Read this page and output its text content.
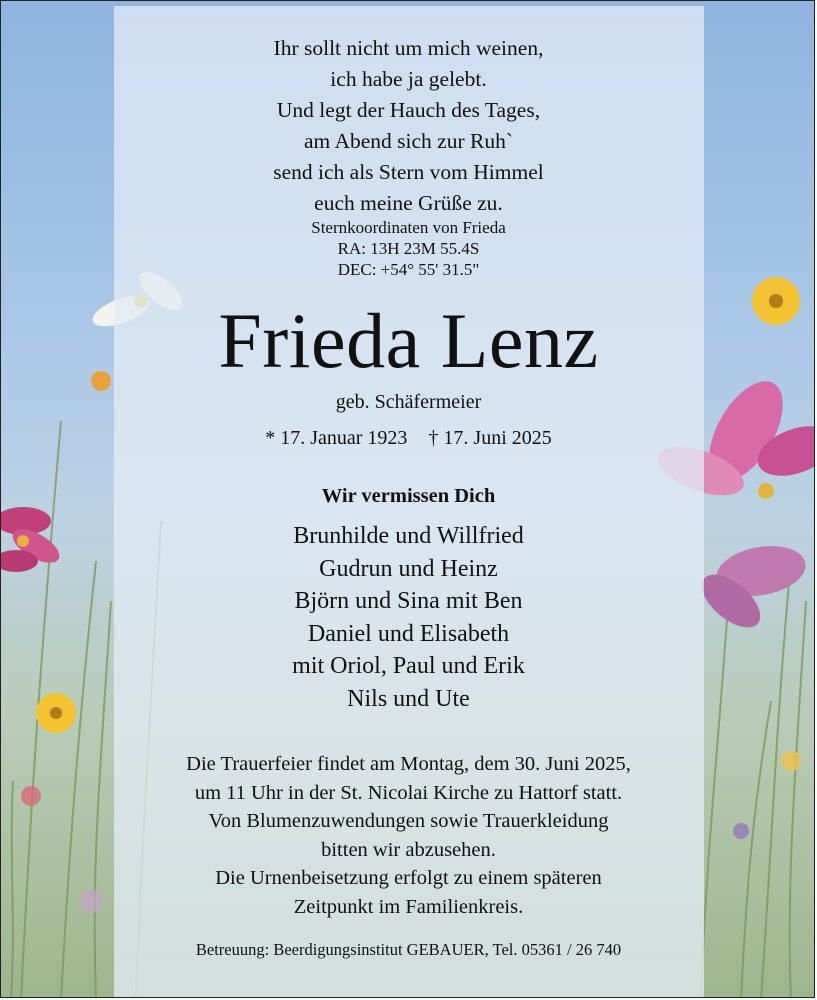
Ihr sollt nicht um mich weinen,
ich habe ja gelebt.
Und legt der Hauch des Tages,
am Abend sich zur Ruh`
send ich als Stern vom Himmel
euch meine Grüße zu.
Sternkoordinaten von Frieda
RA: 13H 23M 55.4S
DEC: +54° 55' 31.5"
Frieda Lenz
geb. Schäfermeier
* 17. Januar 1923 † 17. Juni 2025
Wir vermissen Dich
Brunhilde und Willfried
Gudrun und Heinz
Björn und Sina mit Ben
Daniel und Elisabeth
mit Oriol, Paul und Erik
Nils und Ute
Die Trauerfeier findet am Montag, dem 30. Juni 2025,
um 11 Uhr in der St. Nicolai Kirche zu Hattorf statt.
Von Blumenzuwendungen sowie Trauerkleidung
bitten wir abzusehen.
Die Urnenbeisetzung erfolgt zu einem späteren
Zeitpunkt im Familienkreis.
Betreuung: Beerdigungsinstitut GEBAUER, Tel. 05361 / 26 740
